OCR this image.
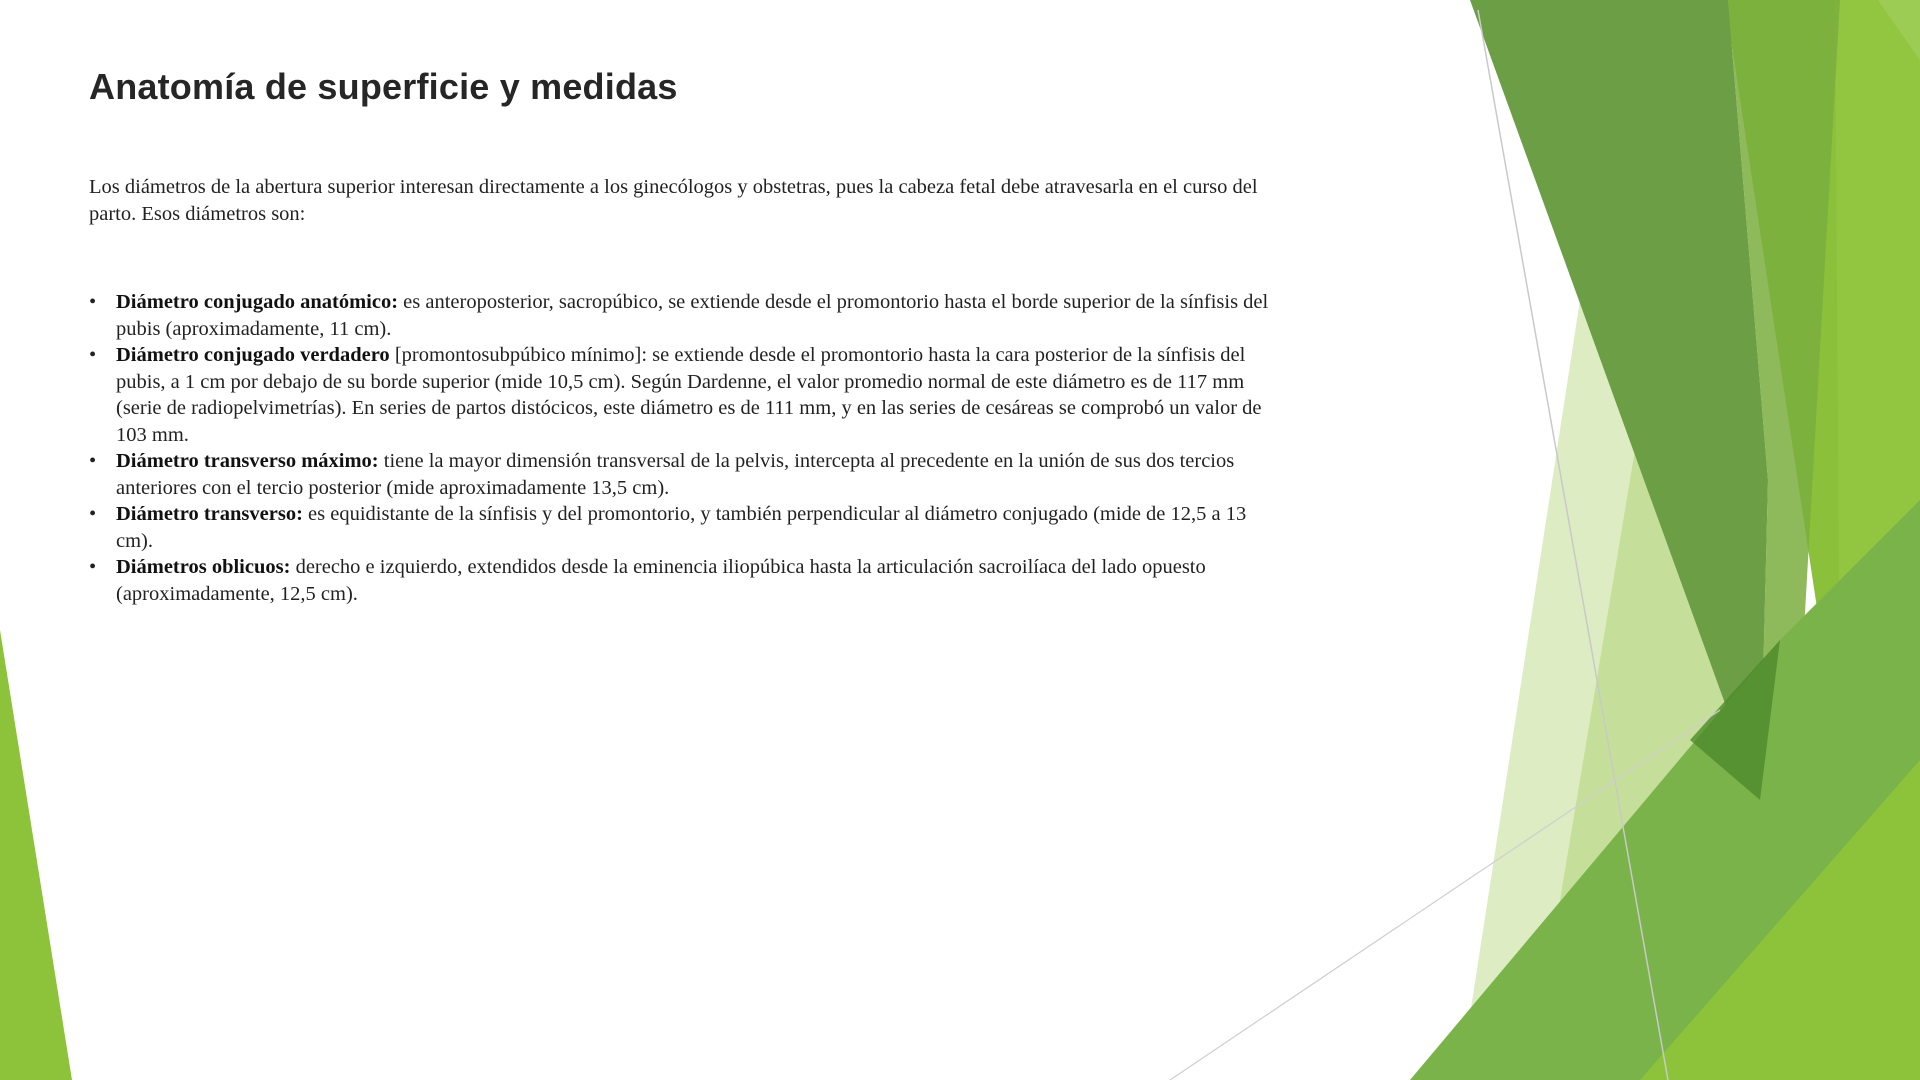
Anatomía de superficie y medidas

Los diámetros de la abertura superior interesan directamente a los ginecólogos y obstetras, pues la cabeza fetal debe atravesarla en el curso del parto. Esos diámetros son:

• Diámetro conjugado anatómico: es anteroposterior, sacropúbico, se extiende desde el promontorio hasta el borde superior de la sínfisis del pubis (aproximadamente, 11 cm).
• Diámetro conjugado verdadero [promontosubpúbico mínimo]: se extiende desde el promontorio hasta la cara posterior de la sínfisis del pubis, a 1 cm por debajo de su borde superior (mide 10,5 cm). Según Dardenne, el valor promedio normal de este diámetro es de 117 mm (serie de radiopelvimetrías). En series de partos distócicos, este diámetro es de 111 mm, y en las series de cesáreas se comprobó un valor de 103 mm.
• Diámetro transverso máximo: tiene la mayor dimensión transversal de la pelvis, intercepta al precedente en la unión de sus dos tercios anteriores con el tercio posterior (mide aproximadamente 13,5 cm).
• Diámetro transverso: es equidistante de la sínfisis y del promontorio, y también perpendicular al diámetro conjugado (mide de 12,5 a 13 cm).
• Diámetros oblicuos: derecho e izquierdo, extendidos desde la eminencia iliopúbica hasta la articulación sacroilíaca del lado opuesto (aproximadamente, 12,5 cm).
